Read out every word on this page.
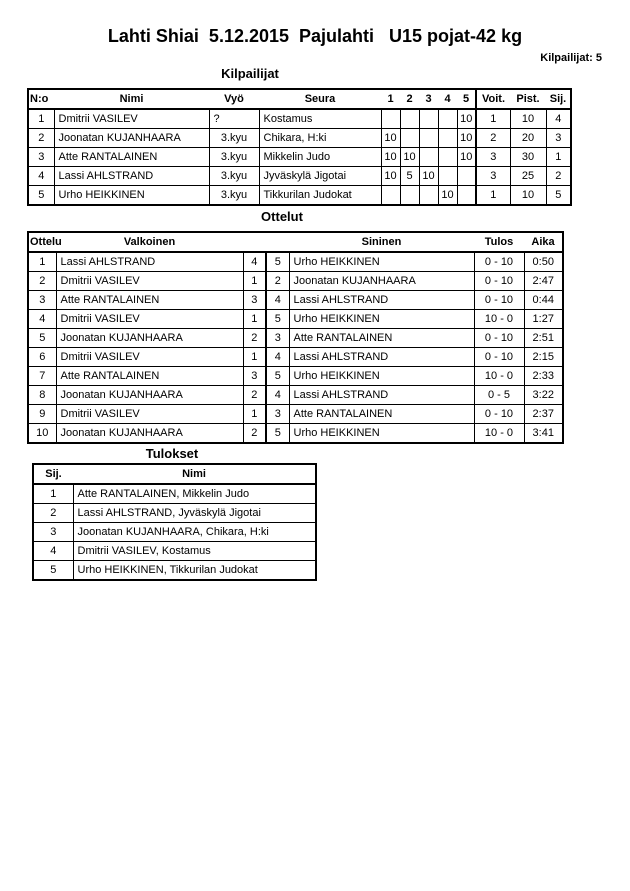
Lahti Shiai  5.12.2015  Pajulahti   U15 pojat-42 kg
Kilpailijat: 5
Kilpailijat
N:o	Nimi	Vyö	Seura	1	2	3	4	5	Voit.	Pist.	Sij.
1	Dmitrii VASILEV	?	Kostamus					10	1	10	4
2	Joonatan KUJANHAARA	3.kyu	Chikara, H:ki	10				10	2	20	3
3	Atte RANTALAINEN	3.kyu	Mikkelin Judo	10	10			10	3	30	1
4	Lassi AHLSTRAND	3.kyu	Jyväskylä Jigotai	10	5	10			3	25	2
5	Urho HEIKKINEN	3.kyu	Tikkurilan Judokat				10		1	10	5
Ottelut
Ottelu	Valkoinen			Sininen	Tulos	Aika
1	Lassi AHLSTRAND	4	5	Urho HEIKKINEN	0 - 10	0:50
2	Dmitrii VASILEV	1	2	Joonatan KUJANHAARA	0 - 10	2:47
3	Atte RANTALAINEN	3	4	Lassi AHLSTRAND	0 - 10	0:44
4	Dmitrii VASILEV	1	5	Urho HEIKKINEN	10 - 0	1:27
5	Joonatan KUJANHAARA	2	3	Atte RANTALAINEN	0 - 10	2:51
6	Dmitrii VASILEV	1	4	Lassi AHLSTRAND	0 - 10	2:15
7	Atte RANTALAINEN	3	5	Urho HEIKKINEN	10 - 0	2:33
8	Joonatan KUJANHAARA	2	4	Lassi AHLSTRAND	0 - 5	3:22
9	Dmitrii VASILEV	1	3	Atte RANTALAINEN	0 - 10	2:37
10	Joonatan KUJANHAARA	2	5	Urho HEIKKINEN	10 - 0	3:41
Tulokset
Sij.	Nimi
1	Atte RANTALAINEN, Mikkelin Judo
2	Lassi AHLSTRAND, Jyväskylä Jigotai
3	Joonatan KUJANHAARA, Chikara, H:ki
4	Dmitrii VASILEV, Kostamus
5	Urho HEIKKINEN, Tikkurilan Judokat
